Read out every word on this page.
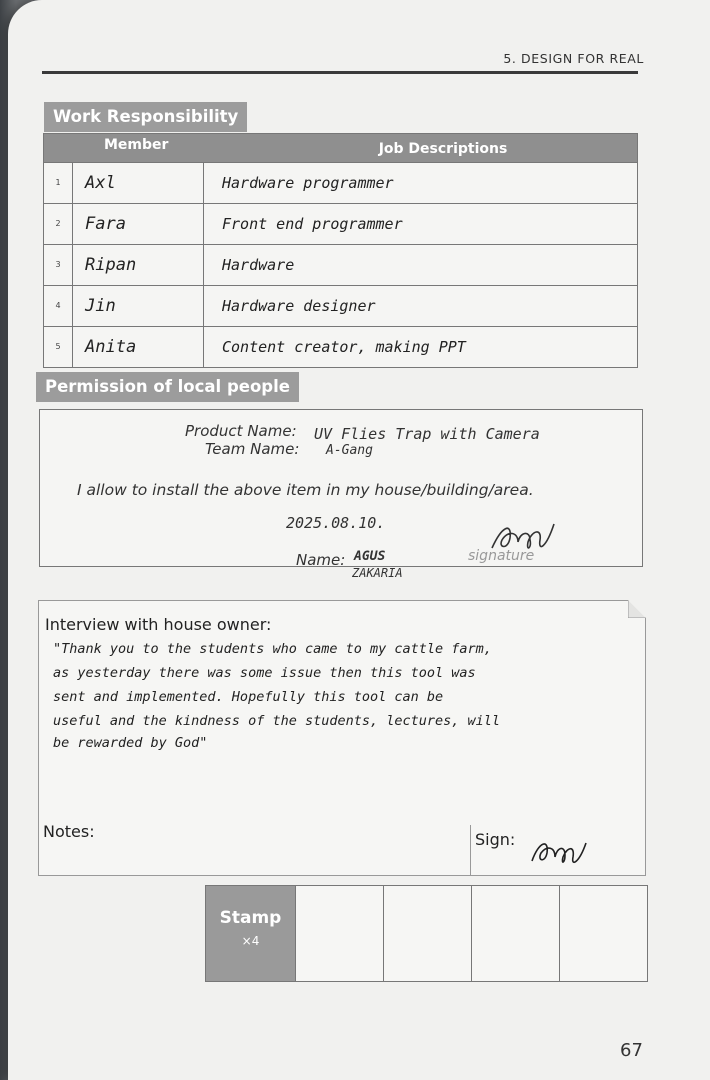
5. DESIGN FOR REAL
Work Responsibility
Member	Job Descriptions
1	Axl	Hardware programmer
2	Fara	Front end programmer
3	Ripan	Hardware
4	Jin	Hardware designer
5	Anita	Content creator, making PPT
Permission of local people
Product Name: UV Flies Trap with Camera
Team Name: A-Gang
I allow to install the above item in my house/building/area.
2025.08.10.
Name: AGUS
ZAKARIA
signature
Interview with house owner:
"Thank you to the students who came to my cattle farm,
as yesterday there was some issue then this tool was
sent and implemented. Hopefully this tool can be
useful and the kindness of the students, lectures, will
be rewarded by God"
Notes:	Sign:
Stamp
×4
67
